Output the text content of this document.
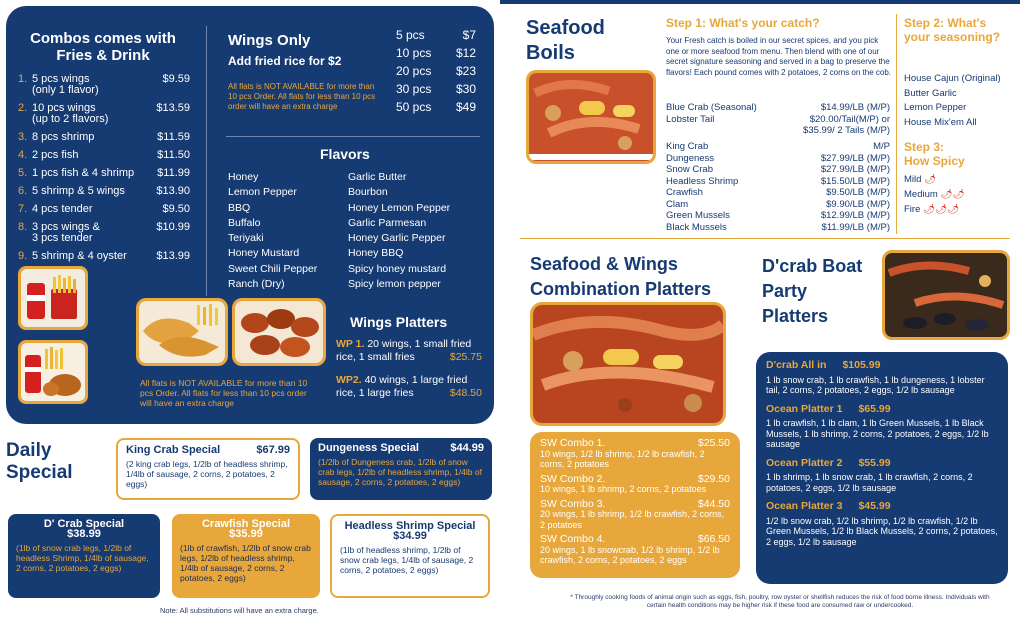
Combos comes with
Fries & Drink
1. 5 pcs wings
(only 1 flavor)
$9.59
2. 10 pcs wings
(up to 2 flavors)
$13.59
3. 8 pcs shrimp	$11.59
4. 2 pcs fish	$11.50
5. 1 pcs fish & 4 shrimp	$11.99
6. 5 shrimp & 5 wings	$13.90
7. 4 pcs tender	$9.50
8. 3 pcs wings &
3 pcs tender
$10.99
9. 5 shrimp & 4 oyster	$13.99
Wings Only
Add fried rice for $2
All flats is NOT AVAILABLE for more than 10 pcs Order. All flats for less than 10 pcs order will have an extra charge
5 pcs	$7
10 pcs $12
20 pcs $23
30 pcs $30
50 pcs $49
Flavors
Honey
Lemon Pepper
BBQ
Buffalo
Teriyaki
Honey Mustard
Sweet Chili Pepper
Ranch (Dry)
Garlic Butter
Bourbon
Honey Lemon Pepper
Garlic Parmesan
Honey Garlic Pepper
Honey BBQ
Spicy honey mustard
Spicy lemon pepper
All flats is NOT AVAILABLE for more than 10 pcs Order. All flats for less than 10 pcs order will have an extra charge
Wings Platters
WP 1. 20 wings, 1 small fried rice, 1 small fries	$25.75
WP2. 40 wings, 1 large fried rice, 1 large fries	$48.50
Daily
Special
King Crab Special	$67.99
(2 king crab legs, 1/2lb of headless shrimp, 1/4lb of sausage, 2 corns, 2 potatoes, 2 eggs)
Dungeness Special	$44.99
(1/2lb of Dungeness crab, 1/2lb of snow crab legs, 1/2lb of headless shrimp, 1/4lb of sausage, 2 corns, 2 potatoes, 2 eggs)
D' Crab Special
$38.99
(1lb of snow crab legs, 1/2lb of headless Shrimp, 1/4lb of sausage, 2 corns, 2 potatoes, 2 eggs)
Crawfish Special
$35.99
(1lb of crawfish, 1/2lb of snow crab legs, 1/2lb of headless shrimp, 1/4lb of sausage, 2 corns, 2 potatoes, 2 eggs)
Headless Shrimp Special
$34.99
(1lb of headless shrimp, 1/2lb of snow crab legs, 1/4lb of sausage, 2 corns, 2 potatoes, 2 eggs)
Note: All substitutions will have an extra charge.
Seafood
Boils
Step 1: What's your catch?
Your Fresh catch is boiled in our secret spices, and you pick one or more seafood from menu. Then blend with one of our secret signature seasoning and served in a bag to preserve the flavors! Each pound comes with 2 potatoes, 2 corns on the cob.
Blue Crab (Seasonal)	$14.99/LB (M/P)
Lobster Tail	$20.00/Tail(M/P) or
$35.99/ 2 Tails (M/P)
King Crab	M/P
Dungeness	$27.99/LB (M/P)
Snow Crab	$27.99/LB (M/P)
Headless Shrimp	$15.50/LB (M/P)
Crawfish	$9.50/LB (M/P)
Clam	$9.90/LB (M/P)
Green Mussels	$12.99/LB (M/P)
Black Mussels	$11.99/LB (M/P)
Step 2: What's your seasoning?
House Cajun (Original)
Butter Garlic
Lemon Pepper
House Mix'em All
Step 3:
How Spicy
Mild 🌶
Medium 🌶🌶
Fire 🌶🌶🌶
Seafood & Wings
Combination Platters
SW Combo 1.	$25.50
10 wings, 1/2 lb shrimp, 1/2 lb crawfish, 2 corns, 2 potatoes
SW Combo 2.	$29.50
10 wings, 1 lb shrimp, 2 corns, 2 potatoes
SW Combo 3.	$44.50
20 wings, 1 lb shrimp, 1/2 lb crawfish, 2 corns, 2 potatoes
SW Combo 4.	$66.50
20 wings, 1 lb snowcrab, 1/2 lb shrimp, 1/2 lb crawfish, 2 corns, 2 potatoes, 2 eggs
D'crab Boat
Party
Platters
D'crab All in $105.99
1 lb snow crab, 1 lb crawfish, 1 lb dungeness, 1 lobster tail, 2 corns, 2 potatoes, 2 eggs, 1/2 lb sausage
Ocean Platter 1 $65.99
1 lb crawfish, 1 lb clam, 1 lb Green Mussels, 1 lb Black Mussels, 1 lb shrimp, 2 corns, 2 potatoes, 2 eggs, 1/2 lb sausage
Ocean Platter 2 $55.99
1 lb shrimp, 1 lb snow crab, 1 lb crawfish, 2 corns, 2 potatoes, 2 eggs, 1/2 lb sausage
Ocean Platter 3 $45.99
1/2 lb snow crab, 1/2 lb shrimp, 1/2 lb crawfish, 1/2 lb Green Mussels, 1/2 lb Black Mussels, 2 corns, 2 potatoes, 2 eggs, 1/2 lb sausage
* Throughly cooking foods of animal origin such as eggs, fish, poultry, row oyster or shellfish reduces the risk of food borne illness. Individuals with certain health conditions may be higher risk if these food are consumed raw or undercooked.
